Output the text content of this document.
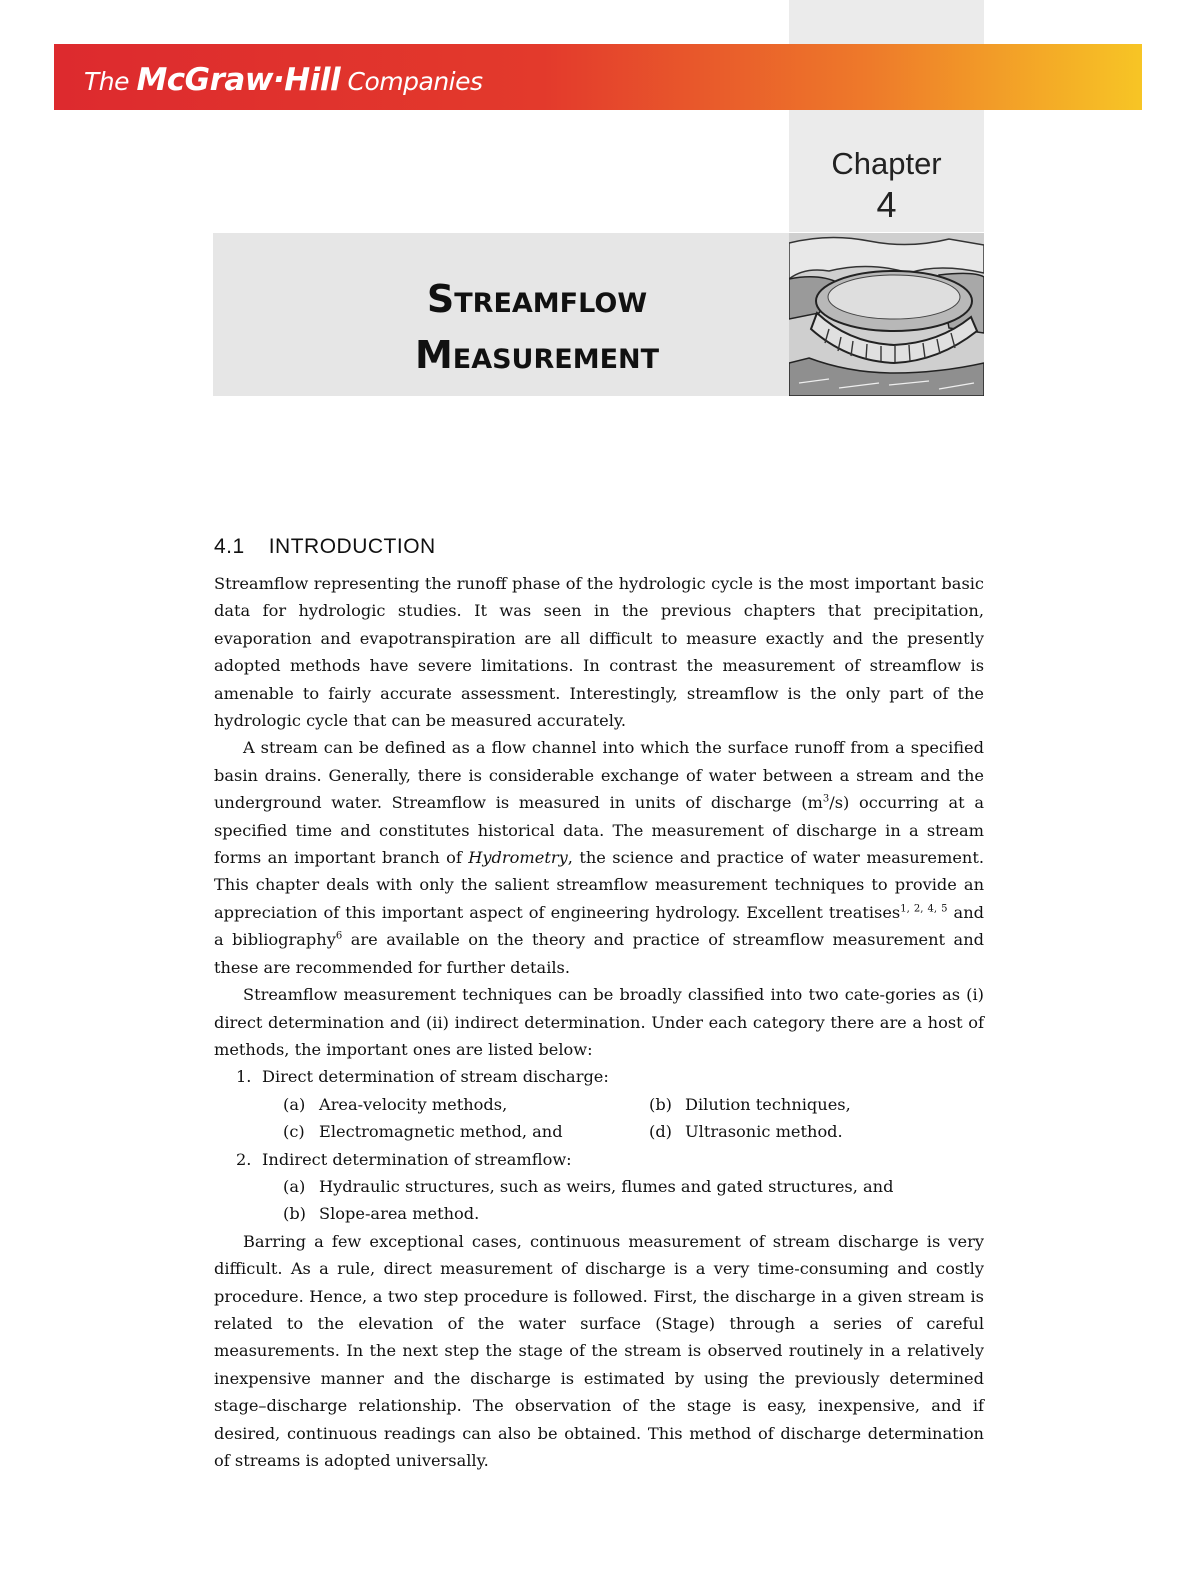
The McGraw·Hill Companies
Chapter
4
Streamflow
Measurement
4.1 INTRODUCTION

Streamflow representing the runoff phase of the hydrologic cycle is the most important basic data for hydrologic studies. It was seen in the previous chapters that precipitation, evaporation and evapotranspiration are all difficult to measure exactly and the presently adopted methods have severe limitations. In contrast the measurement of streamflow is amenable to fairly accurate assessment. Interestingly, streamflow is the only part of the hydrologic cycle that can be measured accurately.

A stream can be defined as a flow channel into which the surface runoff from a specified basin drains. Generally, there is considerable exchange of water between a stream and the underground water. Streamflow is measured in units of discharge $(m^3/s)$ occurring at a specified time and constitutes historical data. The measurement of discharge in a stream forms an important branch of Hydrometry, the science and practice of water measurement. This chapter deals with only the salient streamflow measurement techniques to provide an appreciation of this important aspect of engineering hydrology. Excellent treatises$^{1, 2, 4, 5}$ and a bibliography$^6$ are available on the theory and practice of streamflow measurement and these are recommended for further details.

Streamflow measurement techniques can be broadly classified into two cate-gories as (i) direct determination and (ii) indirect determination. Under each category there are a host of methods, the important ones are listed below:

1. Direct determination of stream discharge:
(a) Area-velocity methods,	(b) Dilution techniques,
(c) Electromagnetic method, and	(d) Ultrasonic method.
2. Indirect determination of streamflow:
(a) Hydraulic structures, such as weirs, flumes and gated structures, and
(b) Slope-area method.

Barring a few exceptional cases, continuous measurement of stream discharge is very difficult. As a rule, direct measurement of discharge is a very time-consuming and costly procedure. Hence, a two step procedure is followed. First, the discharge in a given stream is related to the elevation of the water surface (Stage) through a series of careful measurements. In the next step the stage of the stream is observed routinely in a relatively inexpensive manner and the discharge is estimated by using the previously determined stage–discharge relationship. The observation of the stage is easy, inexpensive, and if desired, continuous readings can also be obtained. This method of discharge determination of streams is adopted universally.
